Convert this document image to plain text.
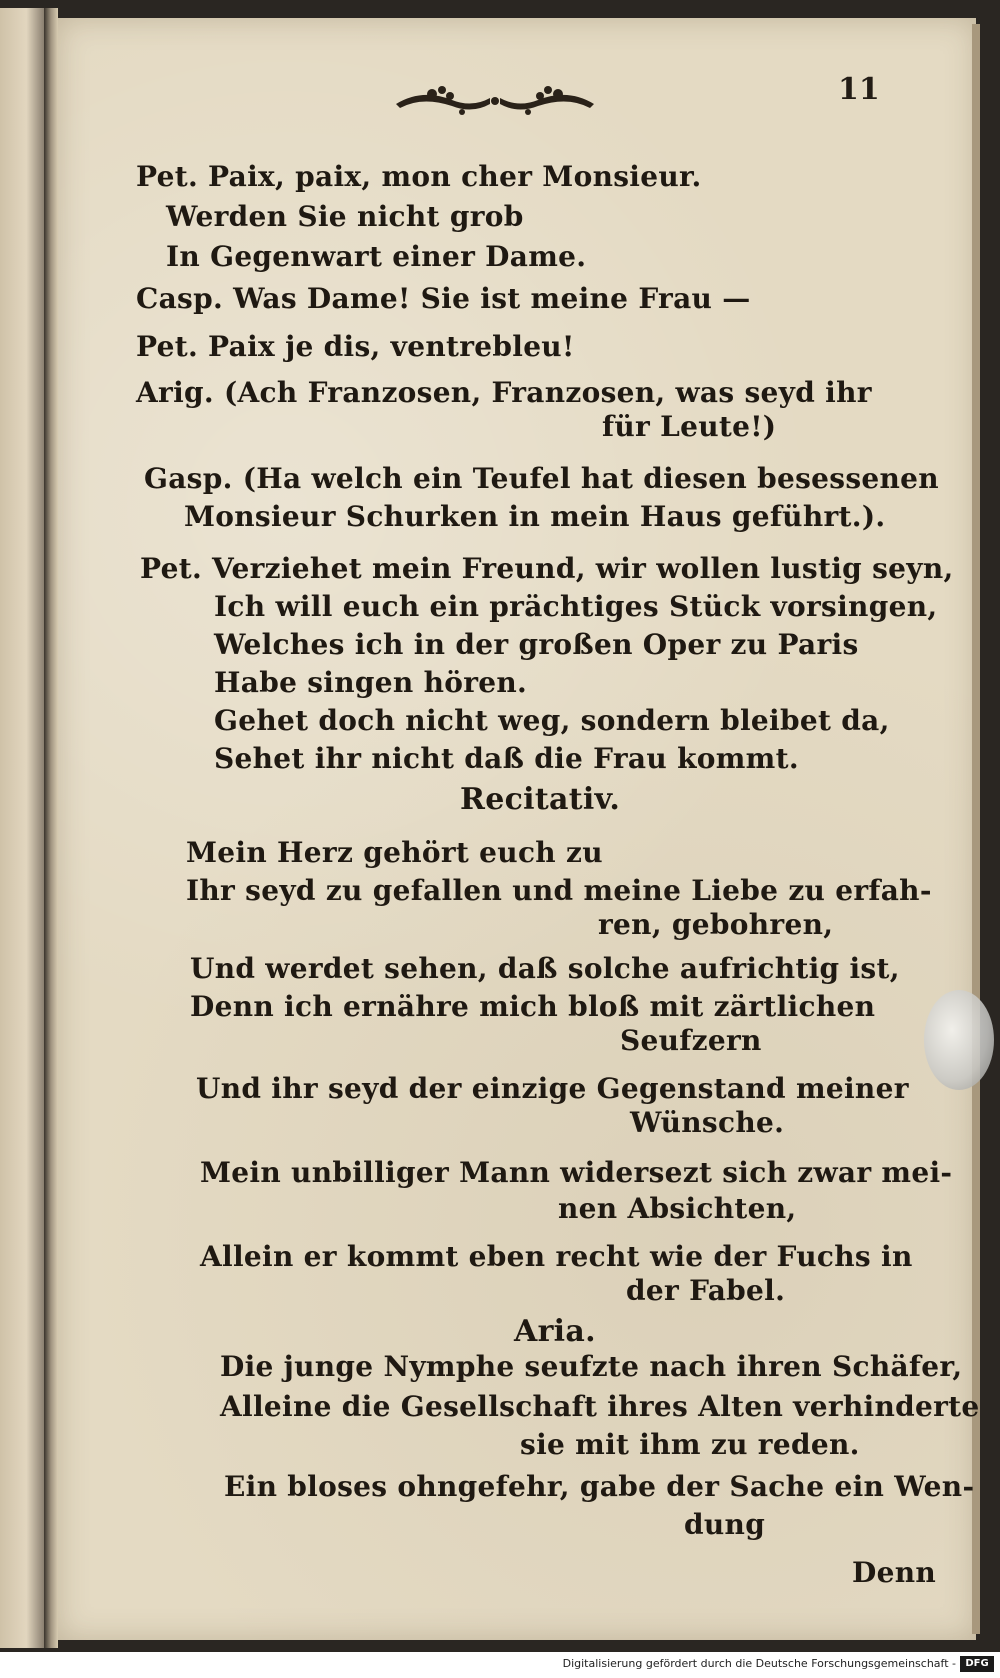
11
Pet. Paix, paix, mon cher Monsieur.
Werden Sie nicht grob
In Gegenwart einer Dame.
Casp. Was Dame! Sie ist meine Frau —
Pet. Paix je dis, ventrebleu!
Arig. (Ach Franzosen, Franzosen, was seyd ihr
für Leute!)
Gasp. (Ha welch ein Teufel hat diesen besessenen
Monsieur Schurken in mein Haus geführt.).
Pet. Verziehet mein Freund, wir wollen lustig seyn,
Ich will euch ein prächtiges Stück vorsingen,
Welches ich in der großen Oper zu Paris
Habe singen hören.
Gehet doch nicht weg, sondern bleibet da,
Sehet ihr nicht daß die Frau kommt.
Recitativ.
Mein Herz gehört euch zu
Ihr seyd zu gefallen und meine Liebe zu erfah-
ren, gebohren,
Und werdet sehen, daß solche aufrichtig ist,
Denn ich ernähre mich bloß mit zärtlichen
Seufzern
Und ihr seyd der einzige Gegenstand meiner
Wünsche.
Mein unbilliger Mann widersezt sich zwar mei-
nen Absichten,
Allein er kommt eben recht wie der Fuchs in
der Fabel.
Aria.
Die junge Nymphe seufzte nach ihren Schäfer,
Alleine die Gesellschaft ihres Alten verhinderte
sie mit ihm zu reden.
Ein bloses ohngefehr, gabe der Sache ein Wen-
dung
Denn
Digitalisierung gefördert durch die Deutsche Forschungsgemeinschaft - DFG
